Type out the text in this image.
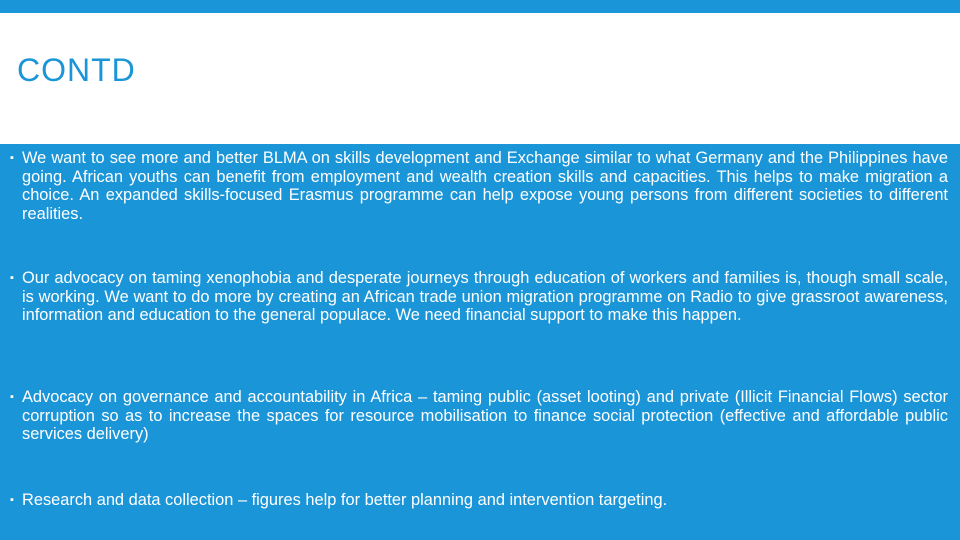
CONTD
▪ We want to see more and better BLMA on skills development and Exchange similar to what Germany and the Philippines have going. African youths can benefit from employment and wealth creation skills and capacities. This helps to make migration a choice. An expanded skills-focused Erasmus programme can help expose young persons from different societies to different realities.
▪ Our advocacy on taming xenophobia and desperate journeys through education of workers and families is, though small scale, is working. We want to do more by creating an African trade union migration programme on Radio to give grassroot awareness, information and education to the general populace. We need financial support to make this happen.
▪ Advocacy on governance and accountability in Africa – taming public (asset looting) and private (Illicit Financial Flows) sector corruption so as to increase the spaces for resource mobilisation to finance social protection (effective and affordable public services delivery)
▪ Research and data collection – figures help for better planning and intervention targeting.
